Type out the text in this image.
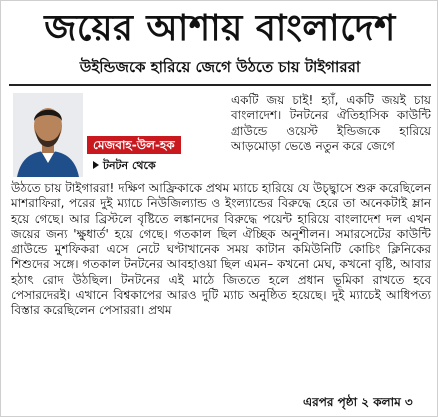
জয়ের আশায় বাংলাদেশ
উইন্ডিজকে হারিয়ে জেগে উঠতে চায় টাইগাররা
মেজবাহ-উল-হক
টনটন থেকে
একটি জয় চাই! হ্যাঁ, একটি জয়ই চায় বাংলাদেশ। টনটনের ঐতিহাসিক কাউন্টি গ্রাউন্ডে ওয়েস্ট ইন্ডিজকে হারিয়ে আড়মোড়া ভেঙে নতুন করে জেগে
উঠতে চায় টাইগাররা! দক্ষিণ আফ্রিকাকে প্রথম ম্যাচে হারিয়ে যে উচ্ছ্বাসে শুরু করেছিলেন মাশরাফিরা, পরের দুই ম্যাচে নিউজিল্যান্ড ও ইংল্যান্ডের বিরুদ্ধে হেরে তা অনেকটাই ম্লান হয়ে গেছে। আর ব্রিস্টলে বৃষ্টিতে লঙ্কানদের বিরুদ্ধে পয়েন্ট হারিয়ে বাংলাদেশ দল এখন জয়ের জন্য 'ক্ষুধার্ত' হয়ে গেছে। গতকাল ছিল ঐচ্ছিক অনুশীলন। সমারসেটের কাউন্টি গ্রাউন্ডে মুশফিকরা এসে নেটে ঘণ্টাখানেক সময় কাটান কমিউনিটি কোচিং ক্লিনিকের শিশুদের সঙ্গে। গতকাল টনটনের আবহাওয়া ছিল এমন– কখনো মেঘ, কখনো বৃষ্টি, আবার হঠাৎ রোদ উঠছিল। টনটনের এই মাঠে জিততে হলে প্রধান ভূমিকা রাখতে হবে পেসারদেরই। এখানে বিশ্বকাপের আরও দুটি ম্যাচ অনুষ্ঠিত হয়েছে। দুই ম্যাচেই আধিপত্য বিস্তার করেছিলেন পেসাররা। প্রথম
এরপর পৃষ্ঠা ২ কলাম ৩
